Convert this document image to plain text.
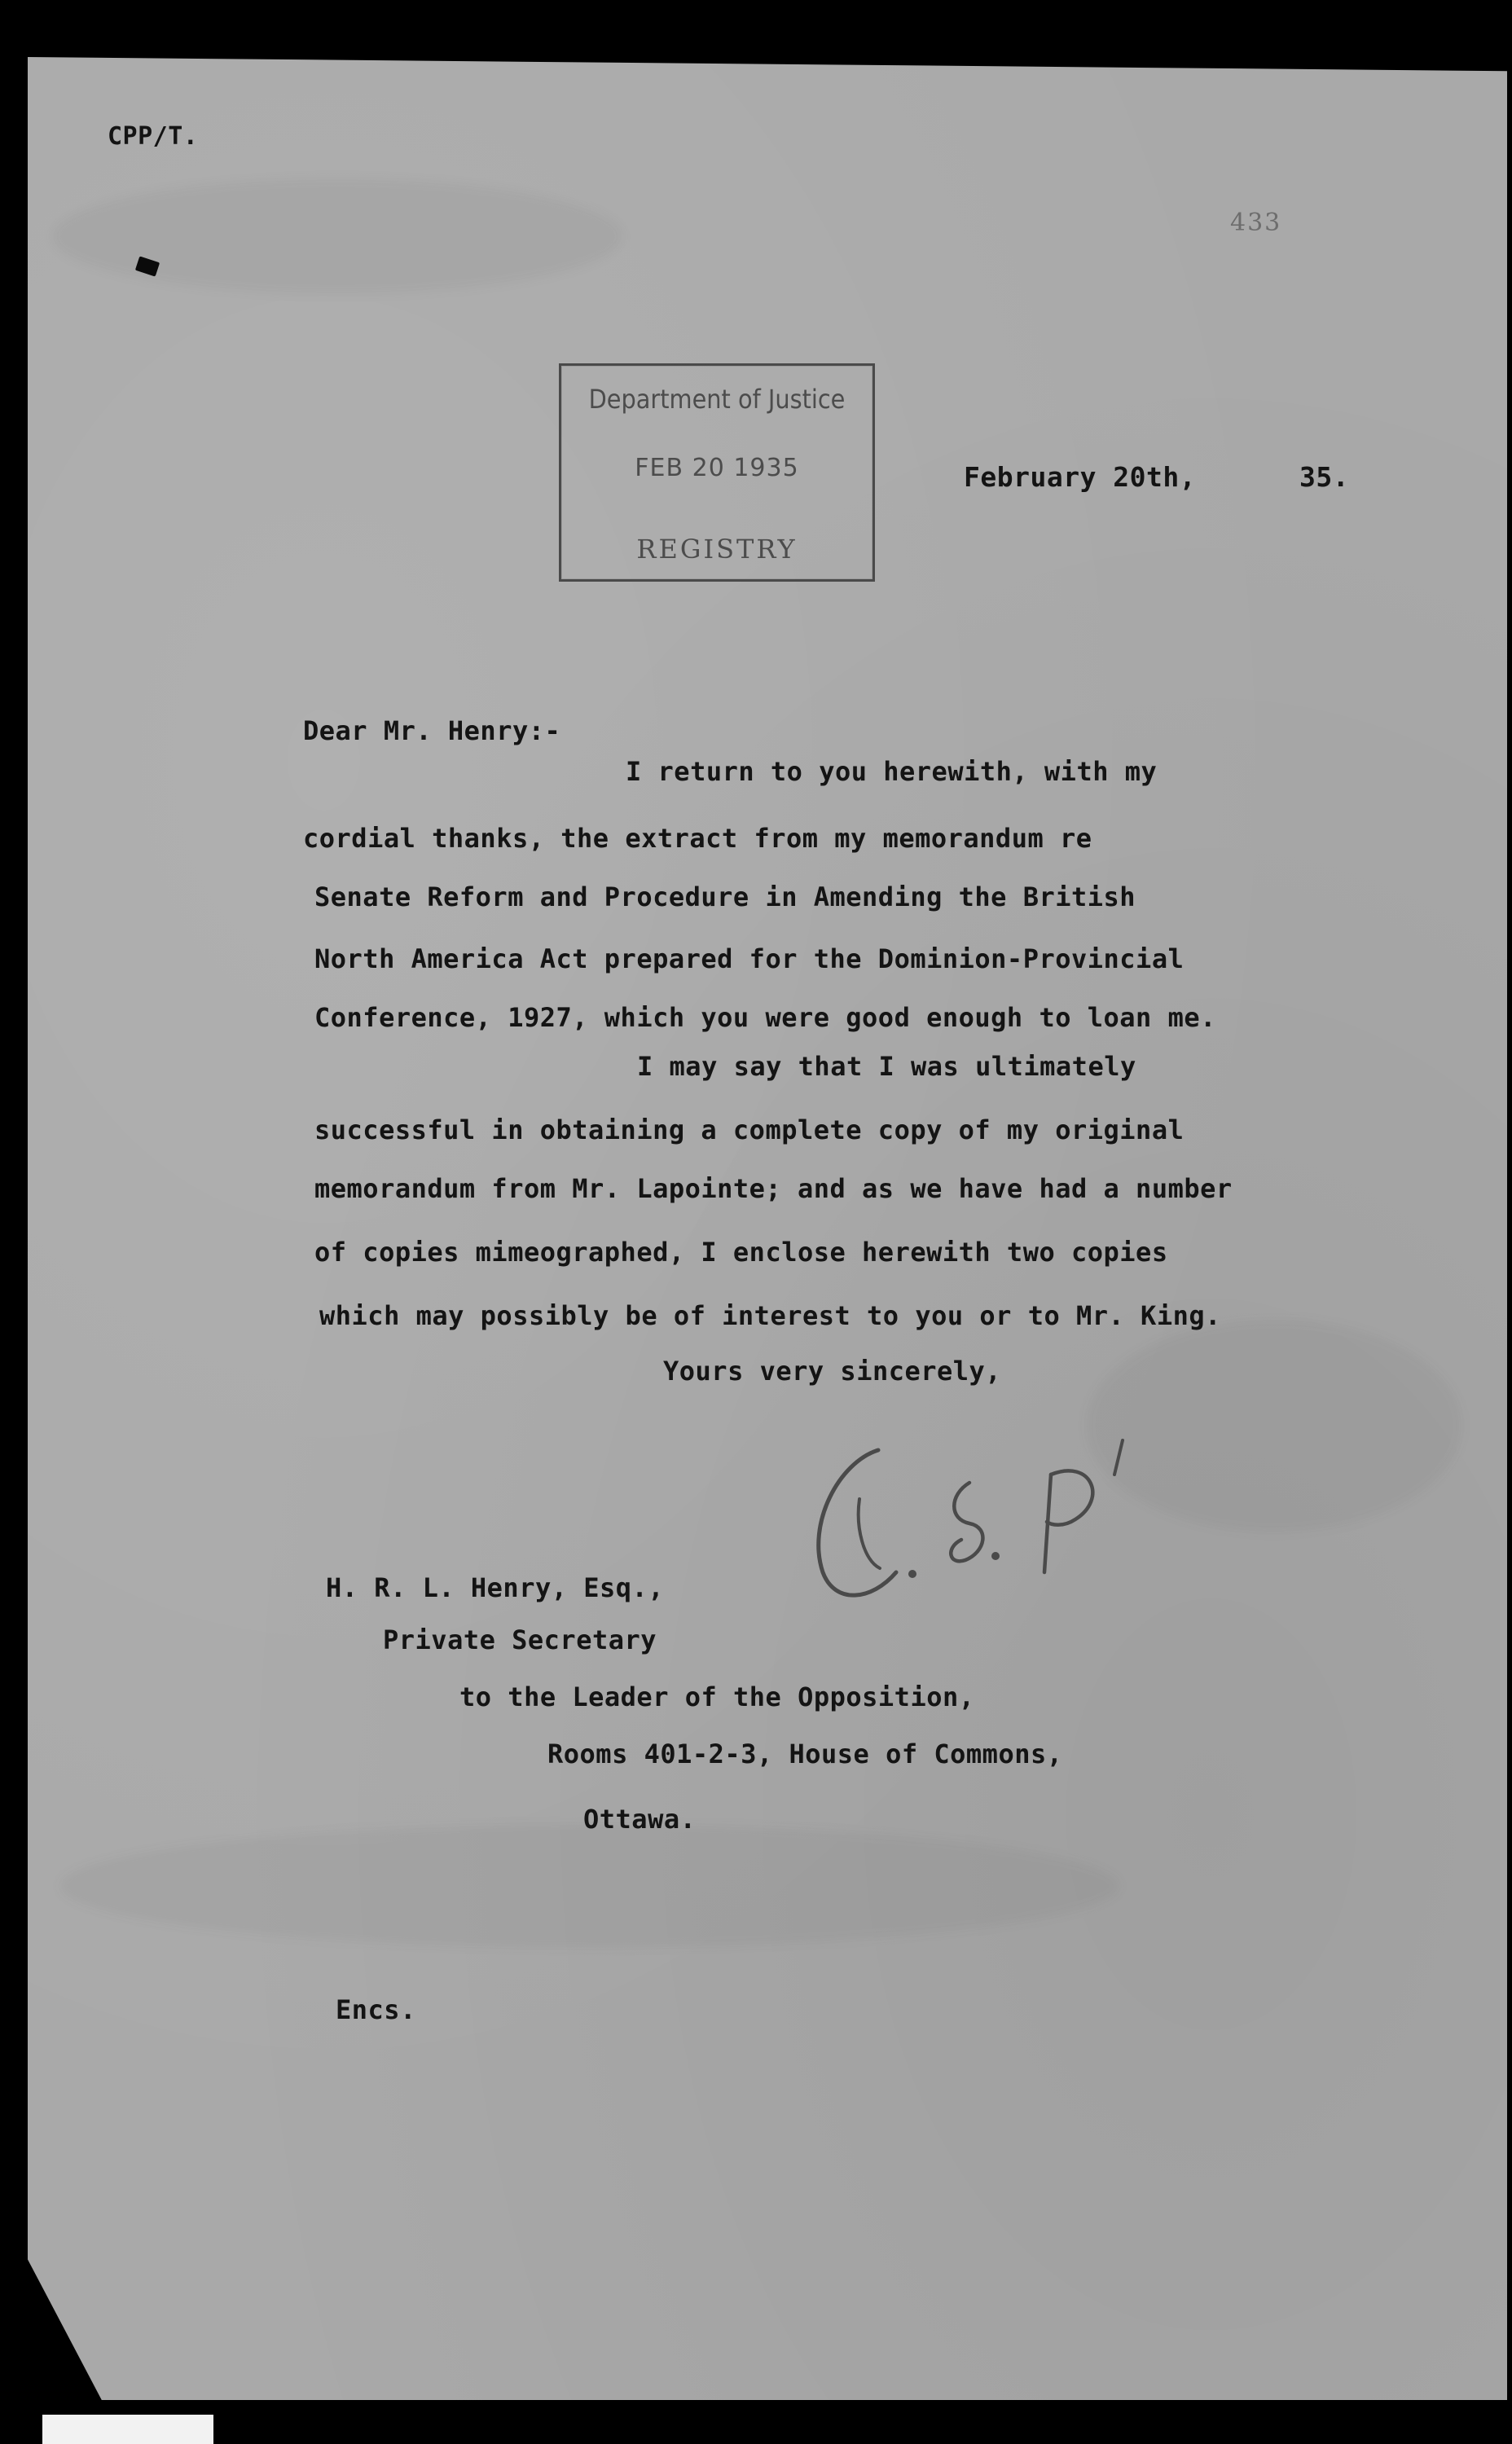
CPP/T.
433
Department of Justice
FEB 20 1935
REGISTRY
February 20th,	35.
Dear Mr. Henry:-
I return to you herewith, with my
cordial thanks, the extract from my memorandum re
Senate Reform and Procedure in Amending the British
North America Act prepared for the Dominion-Provincial
Conference, 1927, which you were good enough to loan me.
I may say that I was ultimately
successful in obtaining a complete copy of my original
memorandum from Mr. Lapointe; and as we have had a number
of copies mimeographed, I enclose herewith two copies
which may possibly be of interest to you or to Mr. King.
Yours very sincerely,
H. R. L. Henry, Esq.,
Private Secretary
to the Leader of the Opposition,
Rooms 401-2-3, House of Commons,
Ottawa.
Encs.
